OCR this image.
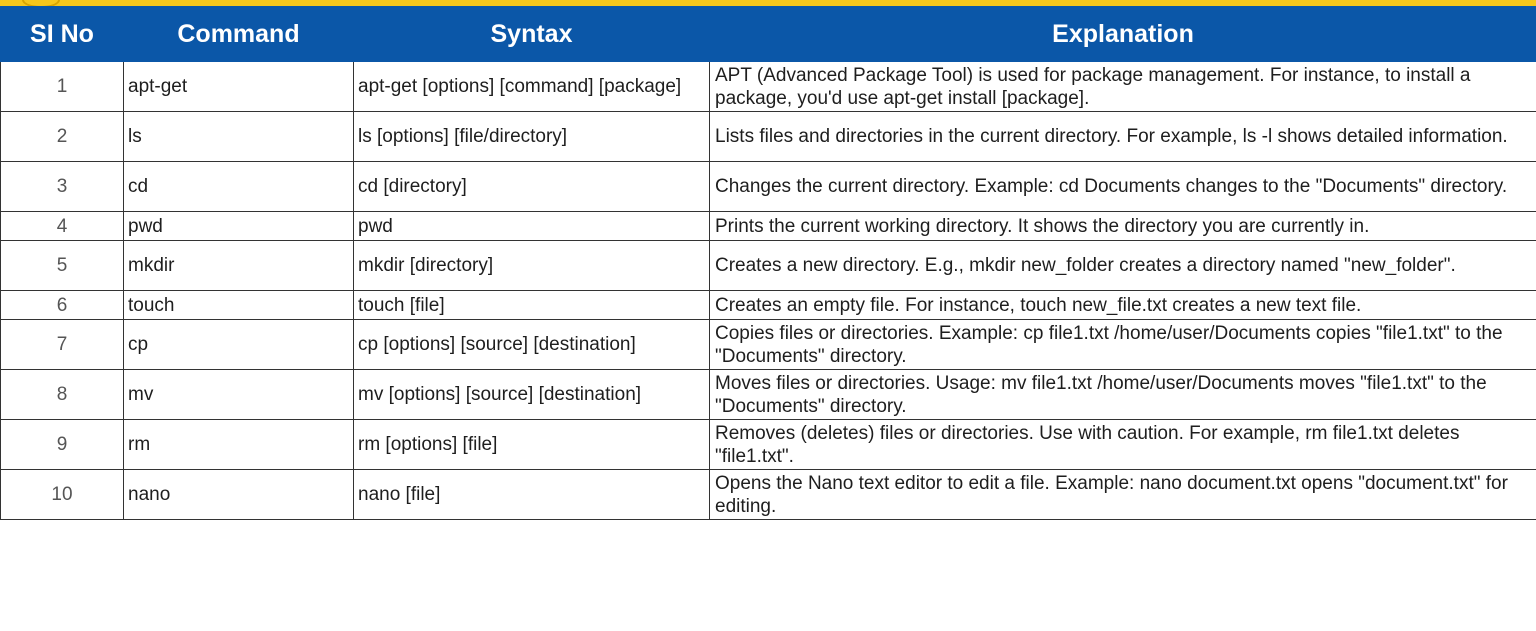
SI No	Command	Syntax	Explanation
1	apt-get	apt-get [options] [command] [package]	APT (Advanced Package Tool) is used for package management. For instance, to install a package, you'd use apt-get install [package].
2	ls	ls [options] [file/directory]	Lists files and directories in the current directory. For example, ls -l shows detailed information.
3	cd	cd [directory]	Changes the current directory. Example: cd Documents changes to the "Documents" directory.
4	pwd	pwd	Prints the current working directory. It shows the directory you are currently in.
5	mkdir	mkdir [directory]	Creates a new directory. E.g., mkdir new_folder creates a directory named "new_folder".
6	touch	touch [file]	Creates an empty file. For instance, touch new_file.txt creates a new text file.
7	cp	cp [options] [source] [destination]	Copies files or directories. Example: cp file1.txt /home/user/Documents copies "file1.txt" to the "Documents" directory.
8	mv	mv [options] [source] [destination]	Moves files or directories. Usage: mv file1.txt /home/user/Documents moves "file1.txt" to the "Documents" directory.
9	rm	rm [options] [file]	Removes (deletes) files or directories. Use with caution. For example, rm file1.txt deletes "file1.txt".
10	nano	nano [file]	Opens the Nano text editor to edit a file. Example: nano document.txt opens "document.txt" for editing.
